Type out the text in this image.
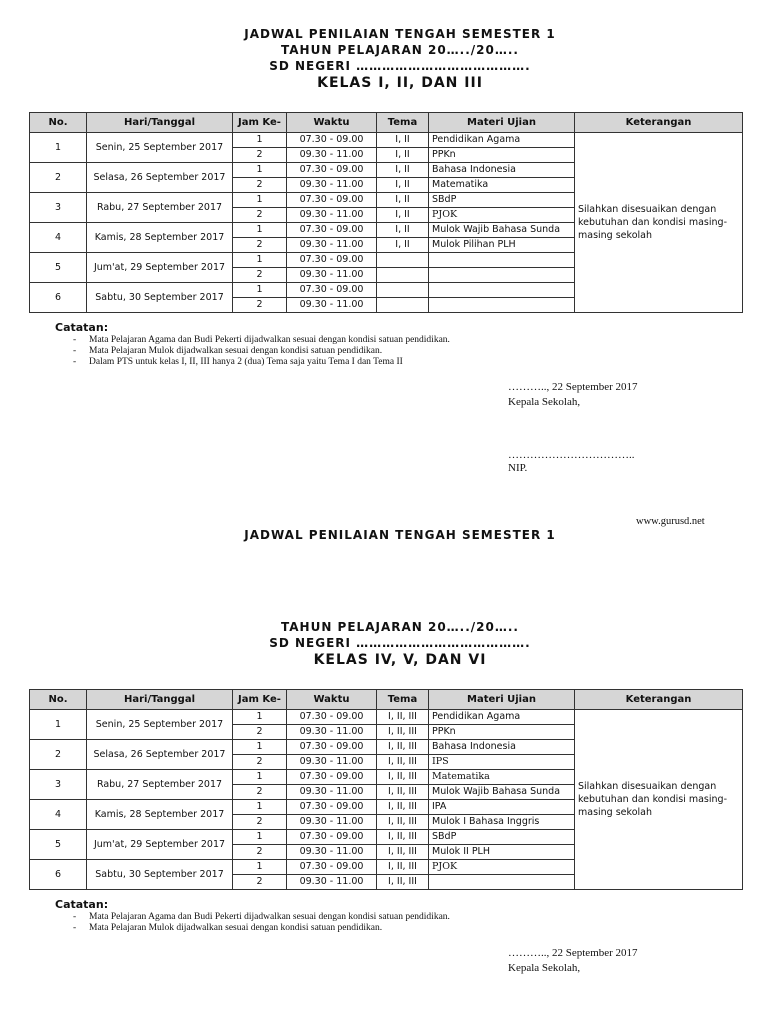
JADWAL PENILAIAN TENGAH SEMESTER 1
TAHUN PELAJARAN 20…../20…..
SD NEGERI ………………………………….
KELAS I, II, DAN III
No.	Hari/Tanggal	Jam Ke-	Waktu	Tema	Materi Ujian	Keterangan
1	Senin, 25 September 2017	1	07.30 - 09.00	I, II	Pendidikan Agama	Silahkan disesuaikan dengan kebutuhan dan kondisi masing- masing sekolah
		2	09.30 - 11.00	I, II	PPKn	
2	Selasa, 26 September 2017	1	07.30 - 09.00	I, II	Bahasa Indonesia	
		2	09.30 - 11.00	I, II	Matematika	
3	Rabu, 27 September 2017	1	07.30 - 09.00	I, II	SBdP	
		2	09.30 - 11.00	I, II	PJOK	
4	Kamis, 28 September 2017	1	07.30 - 09.00	I, II	Mulok Wajib Bahasa Sunda	
		2	09.30 - 11.00	I, II	Mulok Pilihan PLH	
5	Jum'at, 29 September 2017	1	07.30 - 09.00			
		2	09.30 - 11.00			
6	Sabtu, 30 September 2017	1	07.30 - 09.00			
		2	09.30 - 11.00			
Catatan:
- Mata Pelajaran Agama dan Budi Pekerti dijadwalkan sesuai dengan kondisi satuan pendidikan.
- Mata Pelajaran Mulok dijadwalkan sesuai dengan kondisi satuan pendidikan.
- Dalam PTS untuk kelas I, II, III hanya 2 (dua) Tema saja yaitu Tema I dan Tema II
……….., 22 September 2017
Kepala Sekolah,
……………………………..
NIP.
www.gurusd.net
JADWAL PENILAIAN TENGAH SEMESTER 1
TAHUN PELAJARAN 20…../20…..
SD NEGERI ………………………………….
KELAS IV, V, DAN VI
No.	Hari/Tanggal	Jam Ke-	Waktu	Tema	Materi Ujian	Keterangan
1	Senin, 25 September 2017	1	07.30 - 09.00	I, II, III	Pendidikan Agama	Silahkan disesuaikan dengan kebutuhan dan kondisi masing- masing sekolah
		2	09.30 - 11.00	I, II, III	PPKn	
2	Selasa, 26 September 2017	1	07.30 - 09.00	I, II, III	Bahasa Indonesia	
		2	09.30 - 11.00	I, II, III	IPS	
3	Rabu, 27 September 2017	1	07.30 - 09.00	I, II, III	Matematika	
		2	09.30 - 11.00	I, II, III	Mulok Wajib Bahasa Sunda	
4	Kamis, 28 September 2017	1	07.30 - 09.00	I, II, III	IPA	
		2	09.30 - 11.00	I, II, III	Mulok I Bahasa Inggris	
5	Jum'at, 29 September 2017	1	07.30 - 09.00	I, II, III	SBdP	
		2	09.30 - 11.00	I, II, III	Mulok II PLH	
6	Sabtu, 30 September 2017	1	07.30 - 09.00	I, II, III	PJOK	
		2	09.30 - 11.00	I, II, III		
Catatan:
- Mata Pelajaran Agama dan Budi Pekerti dijadwalkan sesuai dengan kondisi satuan pendidikan.
- Mata Pelajaran Mulok dijadwalkan sesuai dengan kondisi satuan pendidikan.
……….., 22 September 2017
Kepala Sekolah,
